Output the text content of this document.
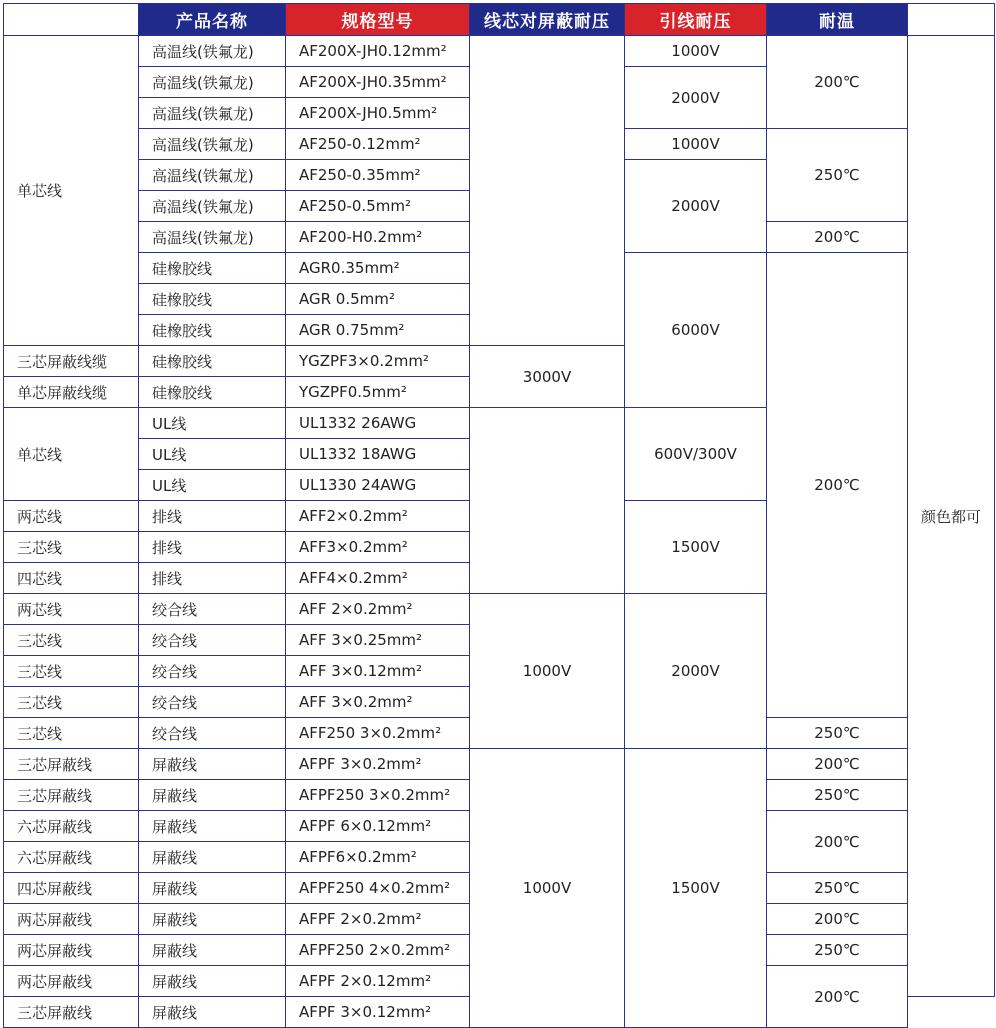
	产品名称	规格型号	线芯对屏蔽耐压	引线耐压	耐温	
单芯线	高温线(铁氟龙)	AF200X-JH0.12mm²		1000V	200℃	颜色都可
	高温线(铁氟龙)	AF200X-JH0.35mm²		2000V		
	高温线(铁氟龙)	AF200X-JH0.5mm²				
	高温线(铁氟龙)	AF250-0.12mm²		1000V	250℃	
	高温线(铁氟龙)	AF250-0.35mm²		2000V		
	高温线(铁氟龙)	AF250-0.5mm²				
	高温线(铁氟龙)	AF200-H0.2mm²			200℃	
	硅橡胶线	AGR0.35mm²		6000V	200℃	
	硅橡胶线	AGR 0.5mm²				
	硅橡胶线	AGR 0.75mm²				
三芯屏蔽线缆	硅橡胶线	YGZPF3×0.2mm²	3000V			
单芯屏蔽线缆	硅橡胶线	YGZPF0.5mm²				
单芯线	UL线	UL1332 26AWG		600V/300V		
	UL线	UL1332 18AWG				
	UL线	UL1330 24AWG				
两芯线	排线	AFF2×0.2mm²		1500V		
三芯线	排线	AFF3×0.2mm²				
四芯线	排线	AFF4×0.2mm²				
两芯线	绞合线	AFF 2×0.2mm²	1000V	2000V		
三芯线	绞合线	AFF 3×0.25mm²				
三芯线	绞合线	AFF 3×0.12mm²				
三芯线	绞合线	AFF 3×0.2mm²				
三芯线	绞合线	AFF250 3×0.2mm²			250℃	
三芯屏蔽线	屏蔽线	AFPF 3×0.2mm²	1000V	1500V	200℃	
三芯屏蔽线	屏蔽线	AFPF250 3×0.2mm²			250℃	
六芯屏蔽线	屏蔽线	AFPF 6×0.12mm²			200℃	
六芯屏蔽线	屏蔽线	AFPF6×0.2mm²				
四芯屏蔽线	屏蔽线	AFPF250 4×0.2mm²			250℃	
两芯屏蔽线	屏蔽线	AFPF 2×0.2mm²			200℃	
两芯屏蔽线	屏蔽线	AFPF250 2×0.2mm²			250℃	
两芯屏蔽线	屏蔽线	AFPF 2×0.12mm²			200℃	
三芯屏蔽线	屏蔽线	AFPF 3×0.12mm²				
